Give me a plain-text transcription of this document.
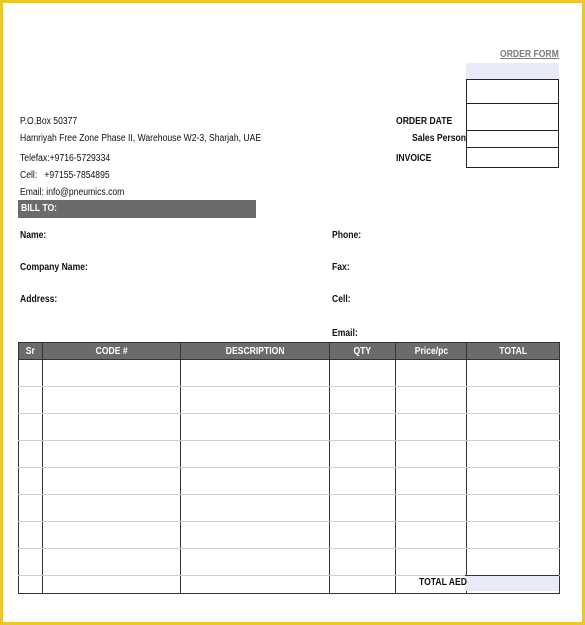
ORDER FORM
ORDER DATE
Sales Person
INVOICE
P.O.Box 50377
Hamriyah Free Zone Phase II, Warehouse W2-3, Sharjah, UAE
Telefax:+9716-5729334
Cell:   +97155-7854895
Email: info@pneumics.com
BILL TO:
Name:
Company Name:
Address:
Phone:
Fax:
Cell:
Email:
Sr	CODE #	DESCRIPTION	QTY	Price/pc	TOTAL

TOTAL AED
